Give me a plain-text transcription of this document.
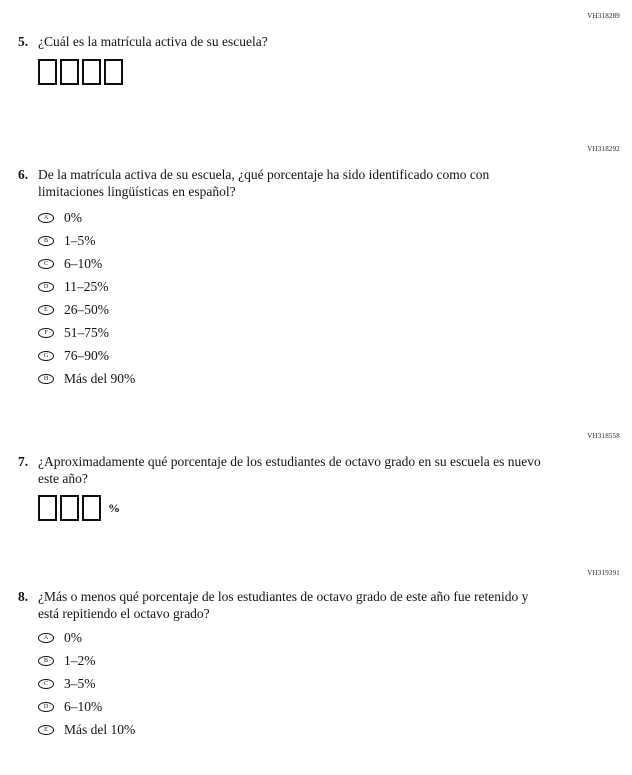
VH318289
5. ¿Cuál es la matrícula activa de su escuela?
VH318292
6. De la matrícula activa de su escuela, ¿qué porcentaje ha sido identificado como con limitaciones lingüísticas en español?
A 0%
B 1–5%
C 6–10%
D 11–25%
E 26–50%
F 51–75%
G 76–90%
H Más del 90%
VH318558
7. ¿Aproximadamente qué porcentaje de los estudiantes de octavo grado en su escuela es nuevo este año?
%
VH319391
8. ¿Más o menos qué porcentaje de los estudiantes de octavo grado de este año fue retenido y está repitiendo el octavo grado?
A 0%
B 1–2%
C 3–5%
D 6–10%
E Más del 10%
